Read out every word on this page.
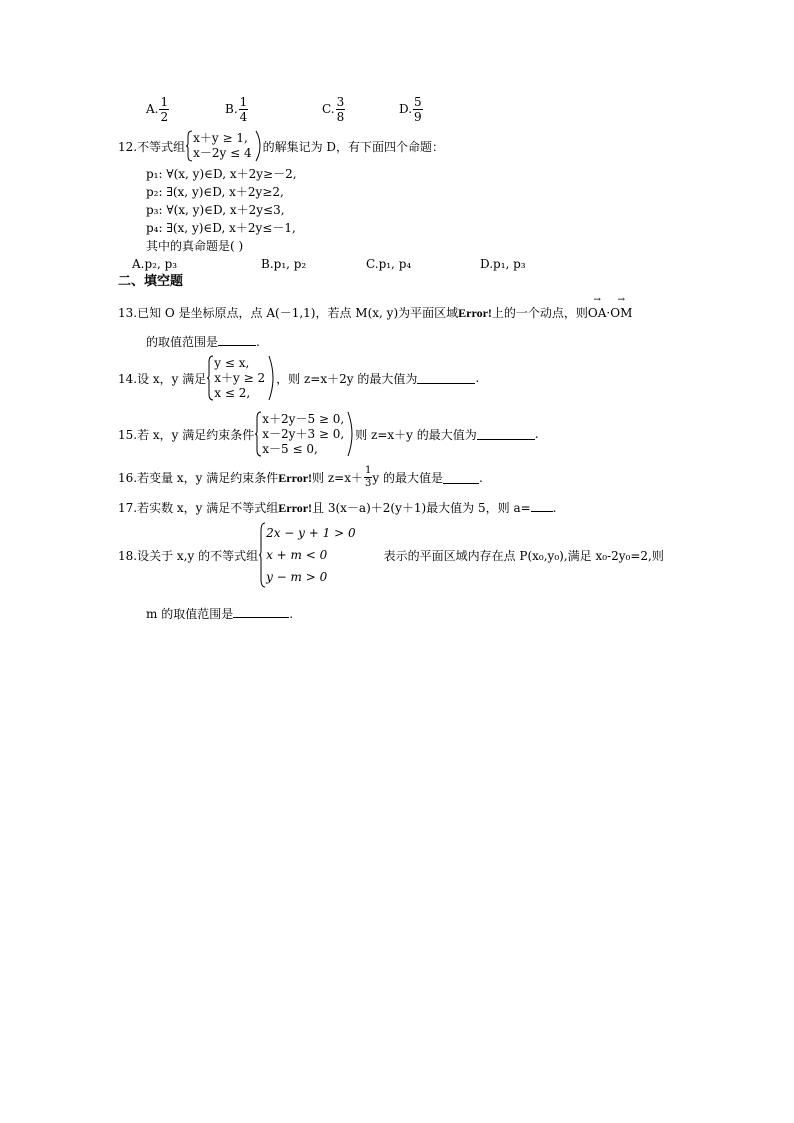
A. $\frac{1}{2}$	B. $\frac{1}{4}$	C. $\frac{3}{8}$	D. $\frac{5}{9}$
12.不等式组
x＋y ≥ 1,
x－2y ≤ 4 的解集记为 D，有下面四个命题：
p₁: ∀(x, y)∈D, x＋2y≥－2,
p₂: ∃(x, y)∈D, x＋2y≥2,
p₃: ∀(x, y)∈D, x＋2y≤3,
p₄: ∃(x, y)∈D, x＋2y≤－1,
其中的真命题是( )
A.p₂, p₃	B.p₁, p₂	C.p₁, p₄	D.p₁, p₃
二、填空题
13.已知 O 是坐标原点，点 A(－1,1)，若点 M(x, y)为平面区域Error!上的一个动点，则→ OA·→ OM
的取值范围是	.
14.设 x，y 满足
y ≤ x,
x＋y ≥ 2
x ≤ 2,
，则 z=x＋2y 的最大值为	.
15.若 x，y 满足约束条件
x＋2y－5 ≥ 0,
x－2y＋3 ≥ 0,
x－5 ≤ 0,
则 z=x＋y 的最大值为	.
16.若变量 x，y 满足约束条件 Error! 则 $z=x+ \frac{1}{3}$ y 的最大值是	.
17.若实数 x，y 满足不等式组Error!且 3(x－a)＋2(y＋1)最大值为 5，则 a= .
18.设关于 x,y 的不等式组
2x − y + 1 > 0
x + m < 0
y − m > 0
表示的平面区域内存在点 P(x₀,y₀),满足 x₀-2y₀=2,则
m 的取值范围是	.
